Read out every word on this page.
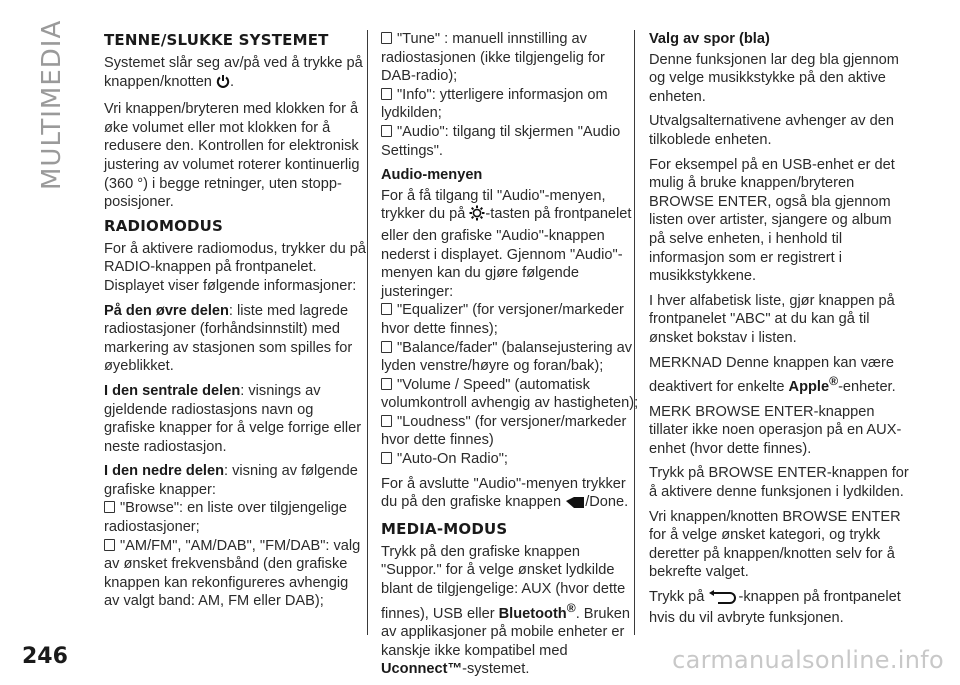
MULTIMEDIA TENNE/SLUKKE SYSTEMET

Systemet slår seg av/på ved å trykke på knappen/knotten .

Vri knappen/bryteren med klokken for å øke volumet eller mot klokken for å redusere den. Kontrollen for elektronisk justering av volumet roterer kontinuerlig (360 °) i begge retninger, uten stopp-posisjoner.

RADIOMODUS

For å aktivere radiomodus, trykker du på RADIO-knappen på frontpanelet. Displayet viser følgende informasjoner:

På den øvre delen: liste med lagrede radiostasjoner (forhåndsinnstilt) med markering av stasjonen som spilles for øyeblikket.

I den sentrale delen: visnings av gjeldende radiostasjons navn og grafiske knapper for å velge forrige eller neste radiostasjon.

I den nedre delen: visning av følgende grafiske knapper:

"Browse": en liste over tilgjengelige radiostasjoner;

"AM/FM", "AM/DAB", "FM/DAB": valg av ønsket frekvensbånd (den grafiske knappen kan rekonfigureres avhengig av valgt band: AM, FM eller DAB);

"Tune" : manuell innstilling av radiostasjonen (ikke tilgjengelig for DAB-radio);

"Info": ytterligere informasjon om lydkilden;

"Audio": tilgang til skjermen "Audio Settings".

Audio-menyen

For å få tilgang til "Audio"-menyen, trykker du på -tasten på frontpanelet eller den grafiske "Audio"-knappen nederst i displayet. Gjennom "Audio"-menyen kan du gjøre følgende justeringer:

"Equalizer" (for versjoner/markeder hvor dette finnes);

"Balance/fader" (balansejustering av lyden venstre/høyre og foran/bak);

"Volume / Speed" (automatisk volumkontroll avhengig av hastigheten);

"Loudness" (for versjoner/markeder hvor dette finnes)

"Auto-On Radio";

For å avslutte "Audio"-menyen trykker du på den grafiske knappen /Done.

MEDIA-MODUS

Trykk på den grafiske knappen "Suppor." for å velge ønsket lydkilde blant de tilgjengelige: AUX (hvor dette finnes), USB eller Bluetooth®. Bruken av applikasjoner på mobile enheter er kanskje ikke kompatibel med Uconnect™-systemet.

Valg av spor (bla)

Denne funksjonen lar deg bla gjennom og velge musikkstykke på den aktive enheten.

Utvalgsalternativene avhenger av den tilkoblede enheten.

For eksempel på en USB-enhet er det mulig å bruke knappen/bryteren BROWSE ENTER, også bla gjennom listen over artister, sjangere og album på selve enheten, i henhold til informasjon som er registrert i musikkstykkene.

I hver alfabetisk liste, gjør knappen på frontpanelet "ABC" at du kan gå til ønsket bokstav i listen.

MERKNAD Denne knappen kan være deaktivert for enkelte Apple®-enheter.

MERK BROWSE ENTER-knappen tillater ikke noen operasjon på en AUX-enhet (hvor dette finnes).

Trykk på BROWSE ENTER-knappen for å aktivere denne funksjonen i lydkilden.

Vri knappen/knotten BROWSE ENTER for å velge ønsket kategori, og trykk deretter på knappen/knotten selv for å bekrefte valget.

Trykk på -knappen på frontpanelet hvis du vil avbryte funksjonen.

246	carmanualsonline.info
